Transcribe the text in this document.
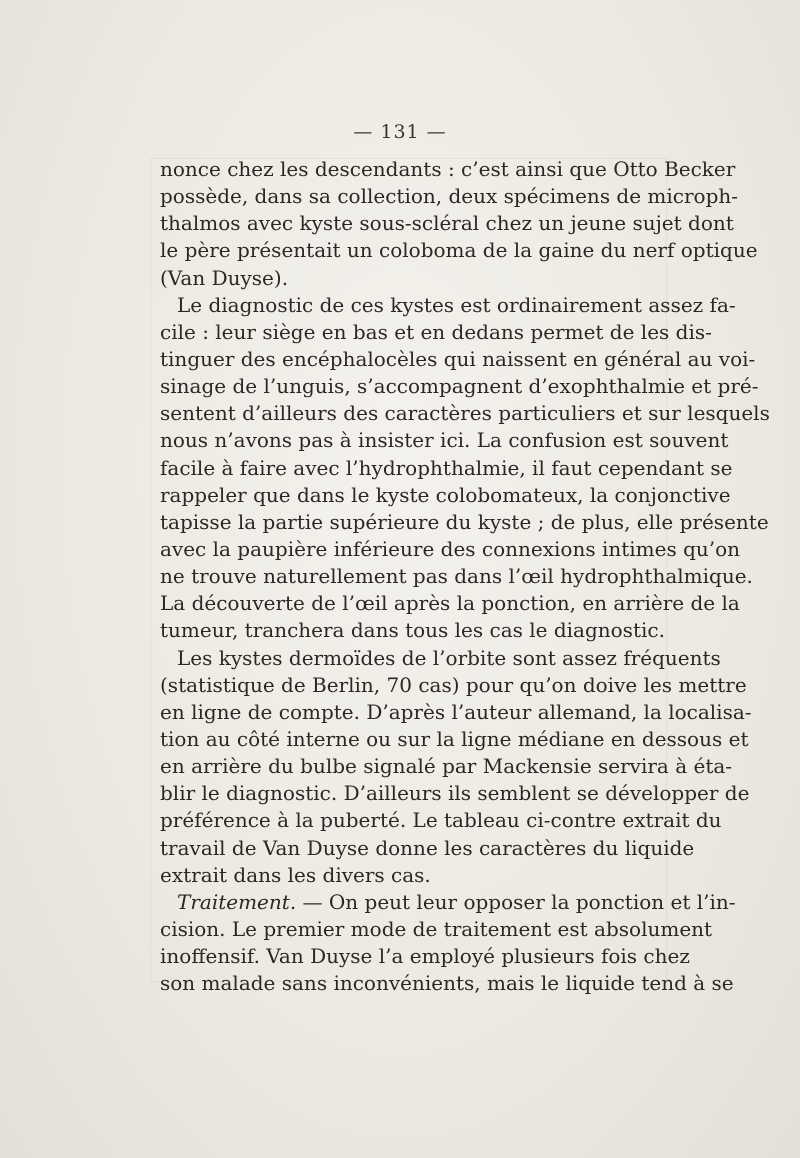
— 131 —
nonce chez les descendants : c’est ainsi que Otto Becker
possède, dans sa collection, deux spécimens de microph-
thalmos avec kyste sous-scléral chez un jeune sujet dont
le père présentait un coloboma de la gaine du nerf optique
(Van Duyse).
Le diagnostic de ces kystes est ordinairement assez fa-
cile : leur siège en bas et en dedans permet de les dis-
tinguer des encéphalocèles qui naissent en général au voi-
sinage de l’unguis, s’accompagnent d’exophthalmie et pré-
sentent d’ailleurs des caractères particuliers et sur lesquels
nous n’avons pas à insister ici. La confusion est souvent
facile à faire avec l’hydrophthalmie, il faut cependant se
rappeler que dans le kyste colobomateux, la conjonctive
tapisse la partie supérieure du kyste ; de plus, elle présente
avec la paupière inférieure des connexions intimes qu’on
ne trouve naturellement pas dans l’œil hydrophthalmique.
La découverte de l’œil après la ponction, en arrière de la
tumeur, tranchera dans tous les cas le diagnostic.
Les kystes dermoïdes de l’orbite sont assez fréquents
(statistique de Berlin, 70 cas) pour qu’on doive les mettre
en ligne de compte. D’après l’auteur allemand, la localisa-
tion au côté interne ou sur la ligne médiane en dessous et
en arrière du bulbe signalé par Mackensie servira à éta-
blir le diagnostic. D’ailleurs ils semblent se développer de
préférence à la puberté. Le tableau ci-contre extrait du
travail de Van Duyse donne les caractères du liquide
extrait dans les divers cas.
Traitement. — On peut leur opposer la ponction et l’in-
cision. Le premier mode de traitement est absolument
inoffensif. Van Duyse l’a employé plusieurs fois chez
son malade sans inconvénients, mais le liquide tend à se
